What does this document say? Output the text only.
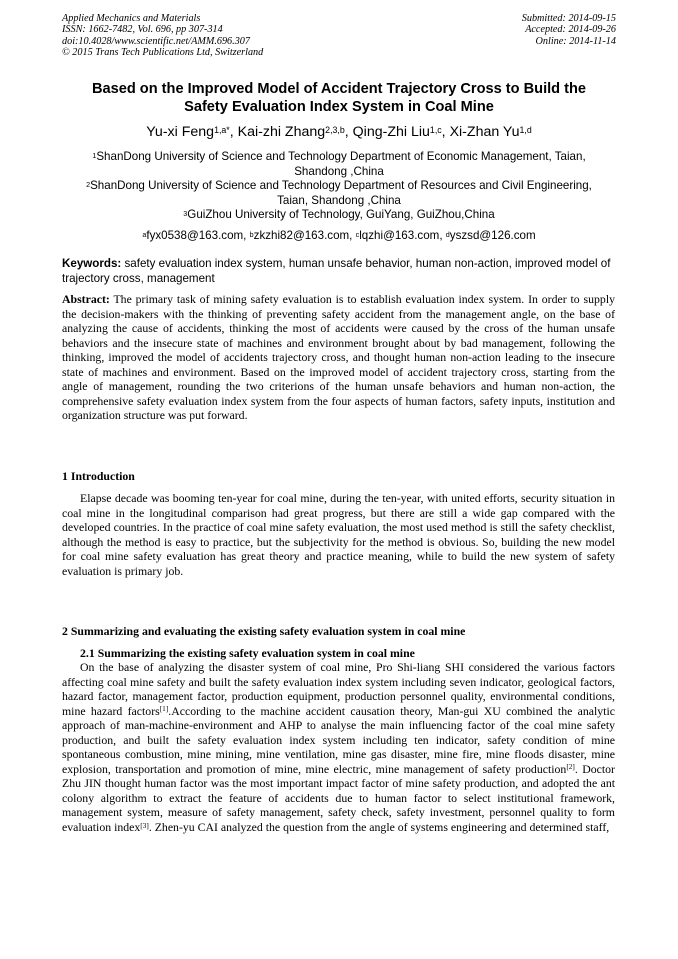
Applied Mechanics and Materials
ISSN: 1662-7482, Vol. 696, pp 307-314
doi:10.4028/www.scientific.net/AMM.696.307
© 2015 Trans Tech Publications Ltd, Switzerland
Submitted: 2014-09-15
Accepted: 2014-09-26
Online: 2014-11-14
Based on the Improved Model of Accident Trajectory Cross to Build the
Safety Evaluation Index System in Coal Mine
Yu-xi Feng$^{1,a*}$, Kai-zhi Zhang$^{2,3,b}$, Qing-Zhi Liu$^{1,c}$, Xi-Zhan Yu$^{1,d}$
$^1$ShanDong University of Science and Technology Department of Economic Management, Taian,
Shandong ,China
$^2$ShanDong University of Science and Technology Department of Resources and Civil Engineering,
Taian, Shandong ,China
$^3$GuiZhou University of Technology, GuiYang, GuiZhou,China
$^a$fyx0538@163.com, $^b$zkzhi82@163.com, $^c$lqzhi@163.com, $^d$yszsd@126.com
Keywords: safety evaluation index system, human unsafe behavior, human non-action, improved model of trajectory cross, management
Abstract: The primary task of mining safety evaluation is to establish evaluation index system. In order to supply the decision-makers with the thinking of preventing safety accident from the management angle, on the base of analyzing the cause of accidents, thinking the most of accidents were caused by the cross of the human unsafe behaviors and the insecure state of machines and environment brought about by bad management, following the thinking, improved the model of accidents trajectory cross, and thought human non-action leading to the insecure state of machines and environment. Based on the improved model of accident trajectory cross, starting from the angle of management, rounding the two criterions of the human unsafe behaviors and human non-action, the comprehensive safety evaluation index system from the four aspects of human factors, safety inputs, institution and organization structure was put forward.
1 Introduction
Elapse decade was booming ten-year for coal mine, during the ten-year, with united efforts, security situation in coal mine in the longitudinal comparison had great progress, but there are still a wide gap compared with the developed countries. In the practice of coal mine safety evaluation, the most used method is still the safety checklist, although the method is easy to practice, but the subjectivity for the method is obvious. So, building the new model for coal mine safety evaluation has great theory and practice meaning, while to build the new system of safety evaluation is primary job.
2 Summarizing and evaluating the existing safety evaluation system in coal mine
2.1 Summarizing the existing safety evaluation system in coal mine
On the base of analyzing the disaster system of coal mine, Pro Shi-liang SHI considered the various factors affecting coal mine safety and built the safety evaluation index system including seven indicator, geological factors, hazard factor, management factor, production equipment, production personnel quality, environmental conditions, mine hazard factors[1].According to the machine accident causation theory, Man-gui XU combined the analytic approach of man-machine-environment and AHP to analyse the main influencing factor of the coal mine safety production, and built the safety evaluation index system including ten indicator, safety condition of mine spontaneous combustion, mine mining, mine ventilation, mine gas disaster, mine fire, mine floods disaster, mine explosion, transportation and promotion of mine, mine electric, mine management of safety production[2]. Doctor Zhu JIN thought human factor was the most important impact factor of mine safety production, and adopted the ant colony algorithm to extract the feature of accidents due to human factor to select institutional framework, management system, measure of safety management, safety check, safety investment, personnel quality to form evaluation index[3]. Zhen-yu CAI analyzed the question from the angle of systems engineering and determined staff,
